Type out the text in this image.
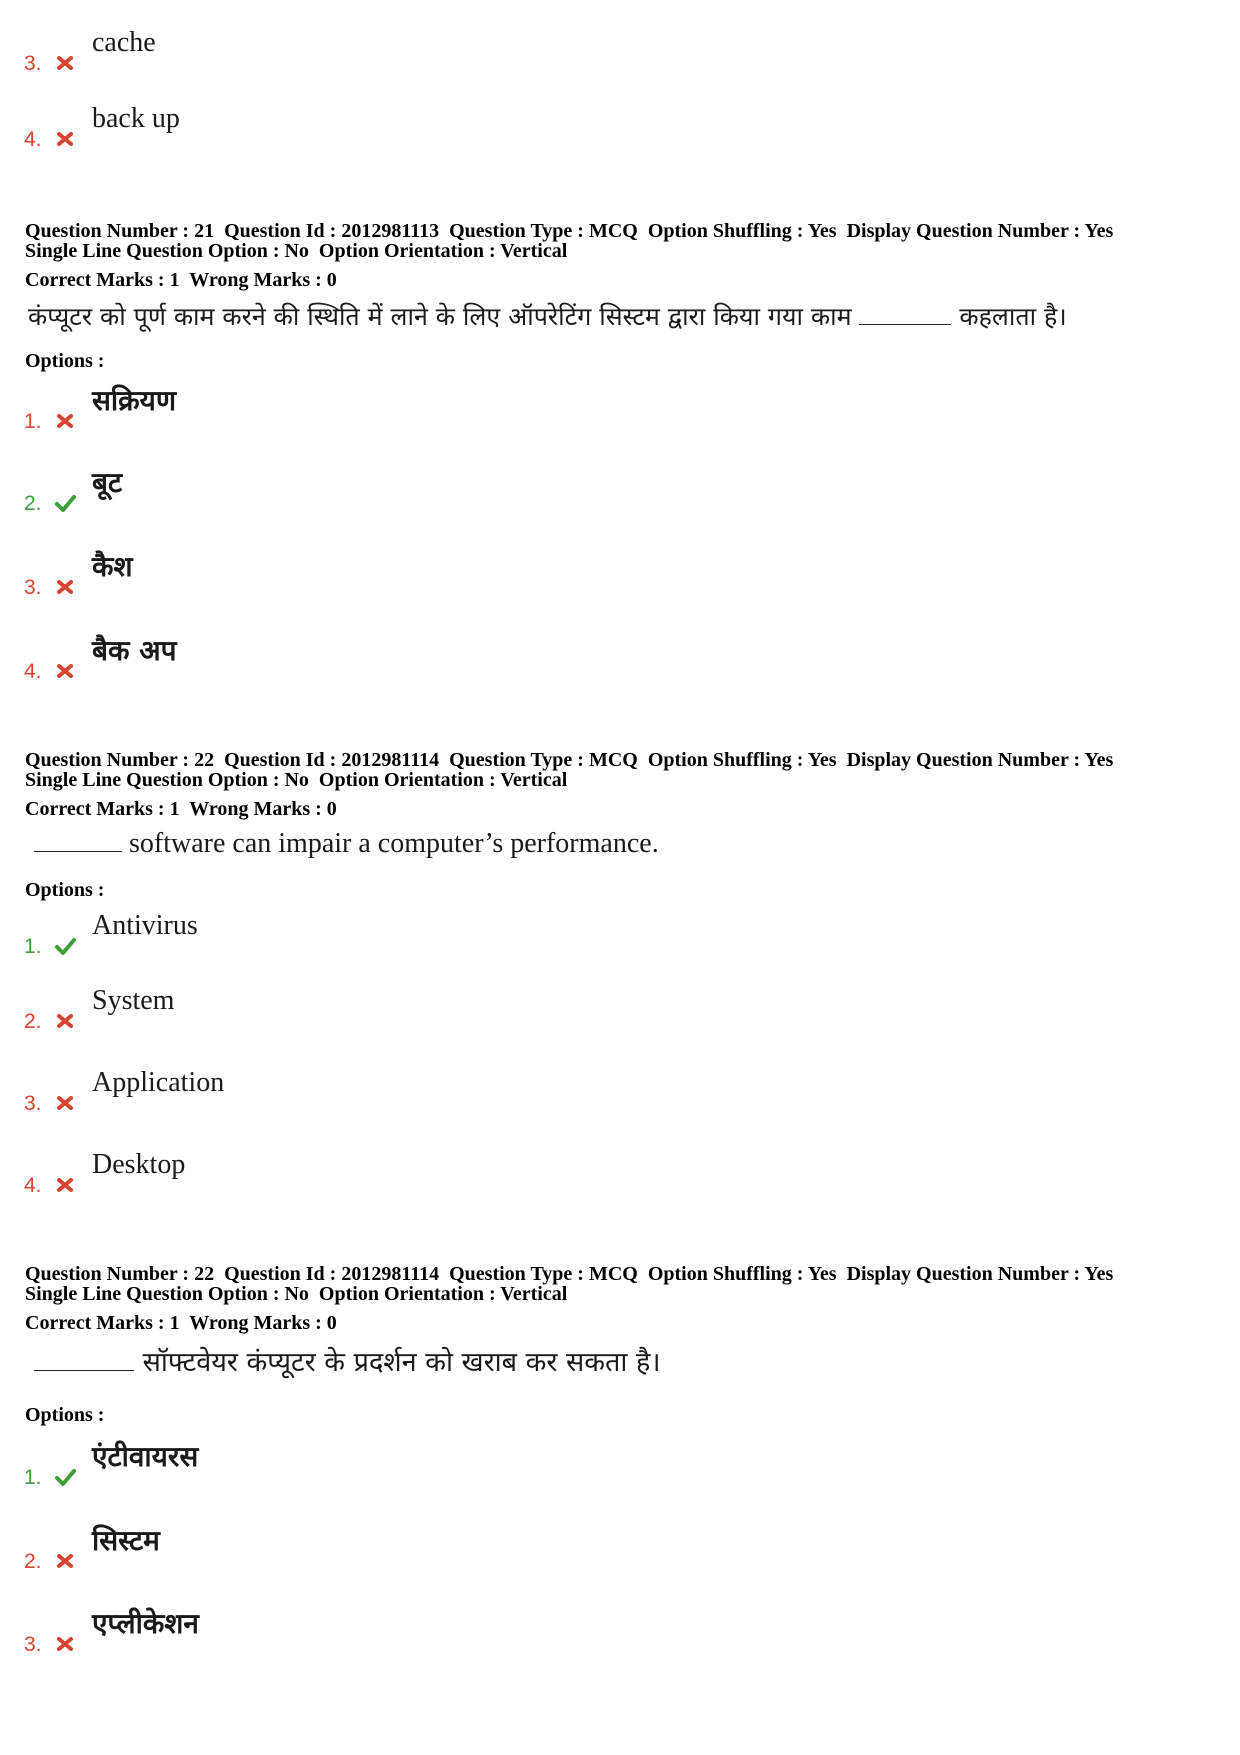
3.
cache
4.
back up
Question Number : 21  Question Id : 2012981113  Question Type : MCQ  Option Shuffling : Yes  Display Question Number : Yes
Single Line Question Option : No  Option Orientation : Vertical
Correct Marks : 1  Wrong Marks : 0
कंप्यूटर को पूर्ण काम करने की स्थिति में लाने के लिए ऑपरेटिंग सिस्टम द्वारा किया गया काम	कहलाता है।
Options :
1.
सक्रियण
2.
बूट
3.
कैश
4.
बैक अप
Question Number : 22  Question Id : 2012981114  Question Type : MCQ  Option Shuffling : Yes  Display Question Number : Yes
Single Line Question Option : No  Option Orientation : Vertical
Correct Marks : 1  Wrong Marks : 0
software can impair a computer’s performance.
Options :
1.
Antivirus
2.
System
3.
Application
4.
Desktop
Question Number : 22  Question Id : 2012981114  Question Type : MCQ  Option Shuffling : Yes  Display Question Number : Yes
Single Line Question Option : No  Option Orientation : Vertical
Correct Marks : 1  Wrong Marks : 0
सॉफ्टवेयर कंप्यूटर के प्रदर्शन को खराब कर सकता है।
Options :
1.
एंटीवायरस
2.
सिस्टम
3.
एप्लीकेशन
